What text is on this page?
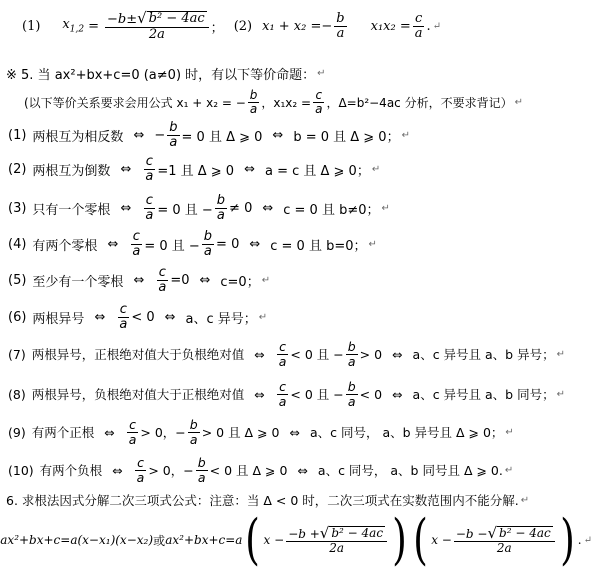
(1) $x_{1,2} = \frac{\text{−b± √ b² − 4ac}}{2a}$ ； (2) x₁ + x₂ = − $\frac{b}{a} x_1x_2 = \frac{c}{a}$ . ↵
※ 5. 当 ax²+bx+c=0 (a≠0) 时，有以下等价命题： ↵
(以下等价关系要求会用公式 x₁ + x₂ = − $\frac{b}{a}$ ，$x_1x_2 = \frac{c}{a}$ ，Δ=b²−4ac 分析，不要求背记） ↵
(1) 两根互为相反数 ⇔ − $\frac{b}{a} = 0$ 且 Δ ⩾ 0 ⇔ b = 0 且 Δ ⩾ 0； ↵
(2) 两根互为倒数 ⇔ $\frac{c}{a} =1$ 且 Δ ⩾ 0 ⇔ a = c 且 Δ ⩾ 0； ↵
(3) 只有一个零根 ⇔ $\frac{c}{a} = 0$ 且 − $\frac{b}{a} \ne 0$ ⇔ c = 0 且 b≠0； ↵
(4) 有两个零根 ⇔ $\frac{c}{a} = 0$ 且 − $\frac{b}{a} = 0$ ⇔ c = 0 且 b=0； ↵
(5) 至少有一个零根 ⇔ $\frac{c}{a} =0$ ⇔ c=0； ↵
(6) 两根异号 ⇔ $\frac{c}{a} < 0$ ⇔ a、c 异号； ↵
(7) 两根异号，正根绝对值大于负根绝对值 ⇔ $\frac{c}{a} < 0$ 且 − $\frac{b}{a} > 0$ ⇔ a、c 异号且 a、b 异号； ↵
(8) 两根异号，负根绝对值大于正根绝对值 ⇔ $\frac{c}{a} < 0$ 且 − $\frac{b}{a} < 0$ ⇔ a、c 异号且 a、b 同号； ↵
(9) 有两个正根 ⇔ $\frac{c}{a} > 0$，− $\frac{b}{a} > 0$ 且 Δ ⩾ 0 ⇔ a、c 同号， a、b 异号且 Δ ⩾ 0； ↵
(10) 有两个负根 ⇔ $\frac{c}{a} > 0$，− $\frac{b}{a} < 0$ 且 Δ ⩾ 0 ⇔ a、c 同号， a、b 同号且 Δ ⩾ 0. ↵
6. 求根法因式分解二次三项式公式：注意：当 Δ < 0 时，二次三项式在实数范围内不能分解. ↵
ax²+bx+c=a(x−x₁)(x−x₂) 或 ax²+bx+c=a ( $x - \frac{\text{−b + √ b² − 4ac}}{2a}$ ) ( $x - \frac{\text{−b − √ b² − 4ac}}{2a}$ ) . ↵
